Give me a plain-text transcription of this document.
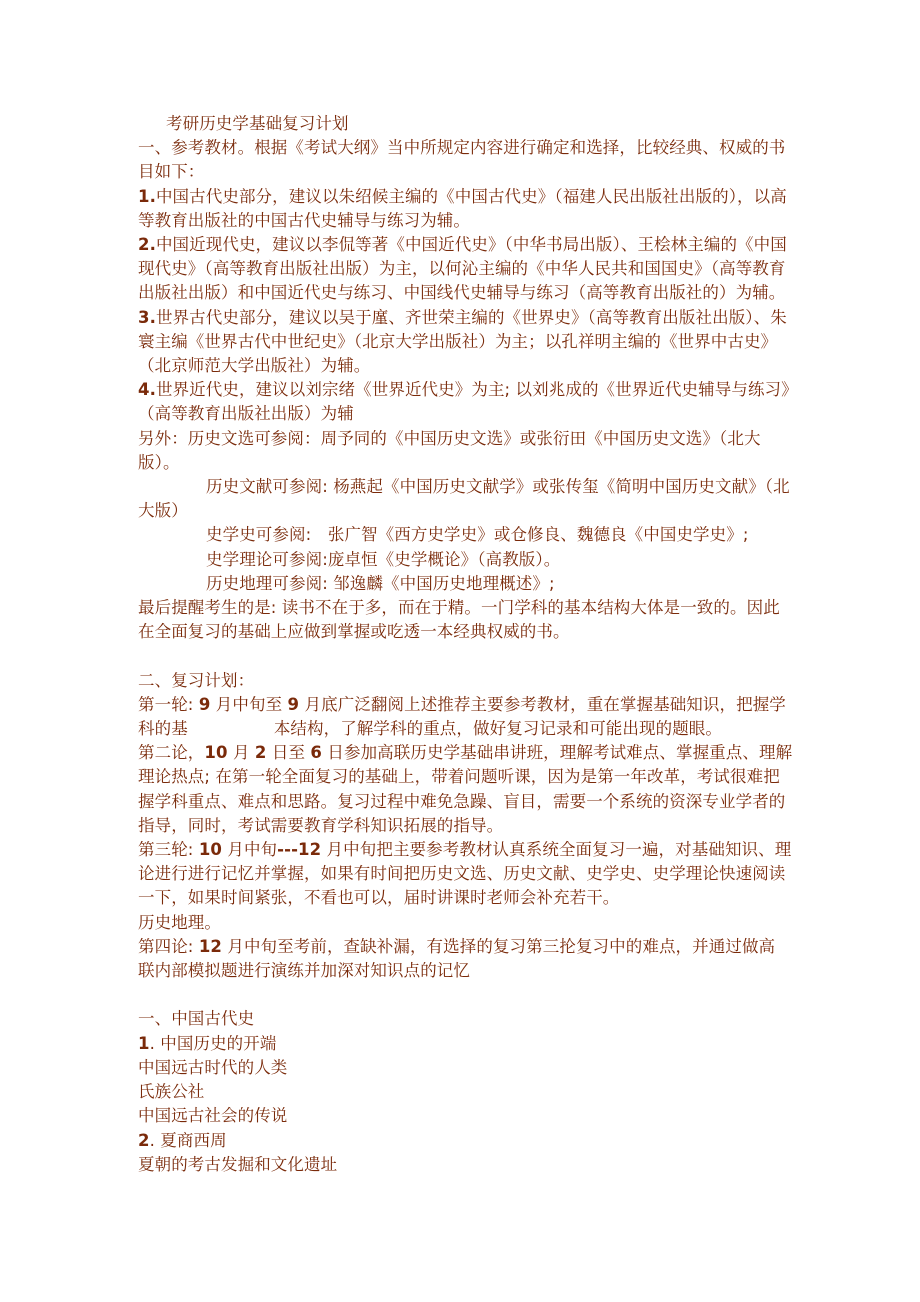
考研历史学基础复习计划
一、参考教材。根据《考试大纲》当中所规定内容进行确定和选择，比较经典、权威的书
目如下：
1.中国古代史部分，建议以朱绍候主编的《中国古代史》（福建人民出版社出版的），以高
等教育出版社的中国古代史辅导与练习为辅。
2.中国近现代史，建议以李侃等著《中国近代史》（中华书局出版）、王桧林主编的《中国
现代史》（高等教育出版社出版）为主，以何沁主编的《中华人民共和国国史》（高等教育
出版社出版）和中国近代史与练习、中国线代史辅导与练习（高等教育出版社的）为辅。
3.世界古代史部分，建议以吴于廑、齐世荣主编的《世界史》（高等教育出版社出版）、朱
寰主编《世界古代中世纪史》（北京大学出版社）为主；以孔祥明主编的《世界中古史》
（北京师范大学出版社）为辅。
4.世界近代史，建议以刘宗绪《世界近代史》为主; 以刘兆成的《世界近代史辅导与练习》
（高等教育出版社出版）为辅
另外：历史文选可参阅：周予同的《中国历史文选》或张衍田《中国历史文选》（北大
版）。
历史文献可参阅: 杨燕起《中国历史文献学》或张传玺《简明中国历史文献》（北
大版）
史学史可参阅:　张广智《西方史学史》或仓修良、魏德良《中国史学史》;
史学理论可参阅:庞卓恒《史学概论》（高教版）。
历史地理可参阅: 邹逸麟《中国历史地理概述》;
最后提醒考生的是: 读书不在于多，而在于精。一门学科的基本结构大体是一致的。因此
在全面复习的基础上应做到掌握或吃透一本经典权威的书。
二、复习计划：
第一轮: 9 月中旬至 9 月底广泛翻阅上述推荐主要参考教材，重在掌握基础知识，把握学
科的基	本结构，了解学科的重点，做好复习记录和可能出现的题眼。
第二论，10 月 2 日至 6 日参加高联历史学基础串讲班，理解考试难点、掌握重点、理解
理论热点; 在第一轮全面复习的基础上，带着问题听课，因为是第一年改革，考试很难把
握学科重点、难点和思路。复习过程中难免急躁、盲目，需要一个系统的资深专业学者的
指导，同时，考试需要教育学科知识拓展的指导。
第三轮: 10 月中旬---12 月中旬把主要参考教材认真系统全面复习一遍，对基础知识、理
论进行进行记忆并掌握，如果有时间把历史文选、历史文献、史学史、史学理论快速阅读
一下，如果时间紧张，不看也可以，届时讲课时老师会补充若干。
历史地理。
第四论: 12 月中旬至考前，查缺补漏，有选择的复习第三抡复习中的难点，并通过做高
联内部模拟题进行演练并加深对知识点的记忆
一、中国古代史
1. 中国历史的开端
中国远古时代的人类
氏族公社
中国远古社会的传说
2. 夏商西周
夏朝的考古发掘和文化遗址
